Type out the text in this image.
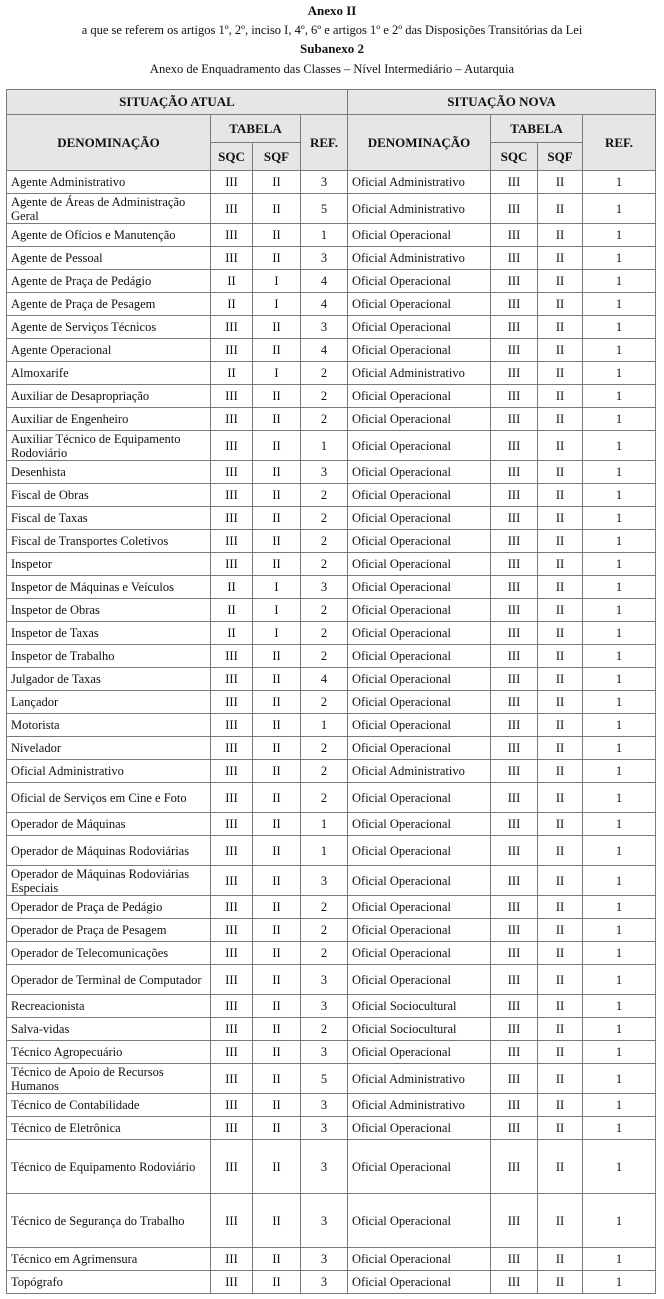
Anexo II
a que se referem os artigos 1º, 2º, inciso I, 4º, 6º e artigos 1º e 2º das Disposições Transitórias da Lei
Subanexo 2
Anexo de Enquadramento das Classes – Nível Intermediário – Autarquia
SITUAÇÃO ATUAL				SITUAÇÃO NOVA			
DENOMINAÇÃO	TABELA		REF.	DENOMINAÇÃO	TABELA		REF.
	SQC	SQF			SQC	SQF	
Agente Administrativo	III	II	3	Oficial Administrativo	III	II	1
Agente de Áreas de Administração Geral	III	II	5	Oficial Administrativo	III	II	1
Agente de Ofícios e Manutenção	III	II	1	Oficial Operacional	III	II	1
Agente de Pessoal	III	II	3	Oficial Administrativo	III	II	1
Agente de Praça de Pedágio	II	I	4	Oficial Operacional	III	II	1
Agente de Praça de Pesagem	II	I	4	Oficial Operacional	III	II	1
Agente de Serviços Técnicos	III	II	3	Oficial Operacional	III	II	1
Agente Operacional	III	II	4	Oficial Operacional	III	II	1
Almoxarife	II	I	2	Oficial Administrativo	III	II	1
Auxiliar de Desapropriação	III	II	2	Oficial Operacional	III	II	1
Auxiliar de Engenheiro	III	II	2	Oficial Operacional	III	II	1
Auxiliar Técnico de Equipamento Rodoviário	III	II	1	Oficial Operacional	III	II	1
Desenhista	III	II	3	Oficial Operacional	III	II	1
Fiscal de Obras	III	II	2	Oficial Operacional	III	II	1
Fiscal de Taxas	III	II	2	Oficial Operacional	III	II	1
Fiscal de Transportes Coletivos	III	II	2	Oficial Operacional	III	II	1
Inspetor	III	II	2	Oficial Operacional	III	II	1
Inspetor de Máquinas e Veículos	II	I	3	Oficial Operacional	III	II	1
Inspetor de Obras	II	I	2	Oficial Operacional	III	II	1
Inspetor de Taxas	II	I	2	Oficial Operacional	III	II	1
Inspetor de Trabalho	III	II	2	Oficial Operacional	III	II	1
Julgador de Taxas	III	II	4	Oficial Operacional	III	II	1
Lançador	III	II	2	Oficial Operacional	III	II	1
Motorista	III	II	1	Oficial Operacional	III	II	1
Nivelador	III	II	2	Oficial Operacional	III	II	1
Oficial Administrativo	III	II	2	Oficial Administrativo	III	II	1
Oficial de Serviços em Cine e Foto	III	II	2	Oficial Operacional	III	II	1
Operador de Máquinas	III	II	1	Oficial Operacional	III	II	1
Operador de Máquinas Rodoviárias	III	II	1	Oficial Operacional	III	II	1
Operador de Máquinas Rodoviárias Especiais	III	II	3	Oficial Operacional	III	II	1
Operador de Praça de Pedágio	III	II	2	Oficial Operacional	III	II	1
Operador de Praça de Pesagem	III	II	2	Oficial Operacional	III	II	1
Operador de Telecomunicações	III	II	2	Oficial Operacional	III	II	1
Operador de Terminal de Computador	III	II	3	Oficial Operacional	III	II	1
Recreacionista	III	II	3	Oficial Sociocultural	III	II	1
Salva-vidas	III	II	2	Oficial Sociocultural	III	II	1
Técnico Agropecuário	III	II	3	Oficial Operacional	III	II	1
Técnico de Apoio de Recursos Humanos	III	II	5	Oficial Administrativo	III	II	1
Técnico de Contabilidade	III	II	3	Oficial Administrativo	III	II	1
Técnico de Eletrônica	III	II	3	Oficial Operacional	III	II	1
Técnico de Equipamento Rodoviário	III	II	3	Oficial Operacional	III	II	1
Técnico de Segurança do Trabalho	III	II	3	Oficial Operacional	III	II	1
Técnico em Agrimensura	III	II	3	Oficial Operacional	III	II	1
Topógrafo	III	II	3	Oficial Operacional	III	II	1
